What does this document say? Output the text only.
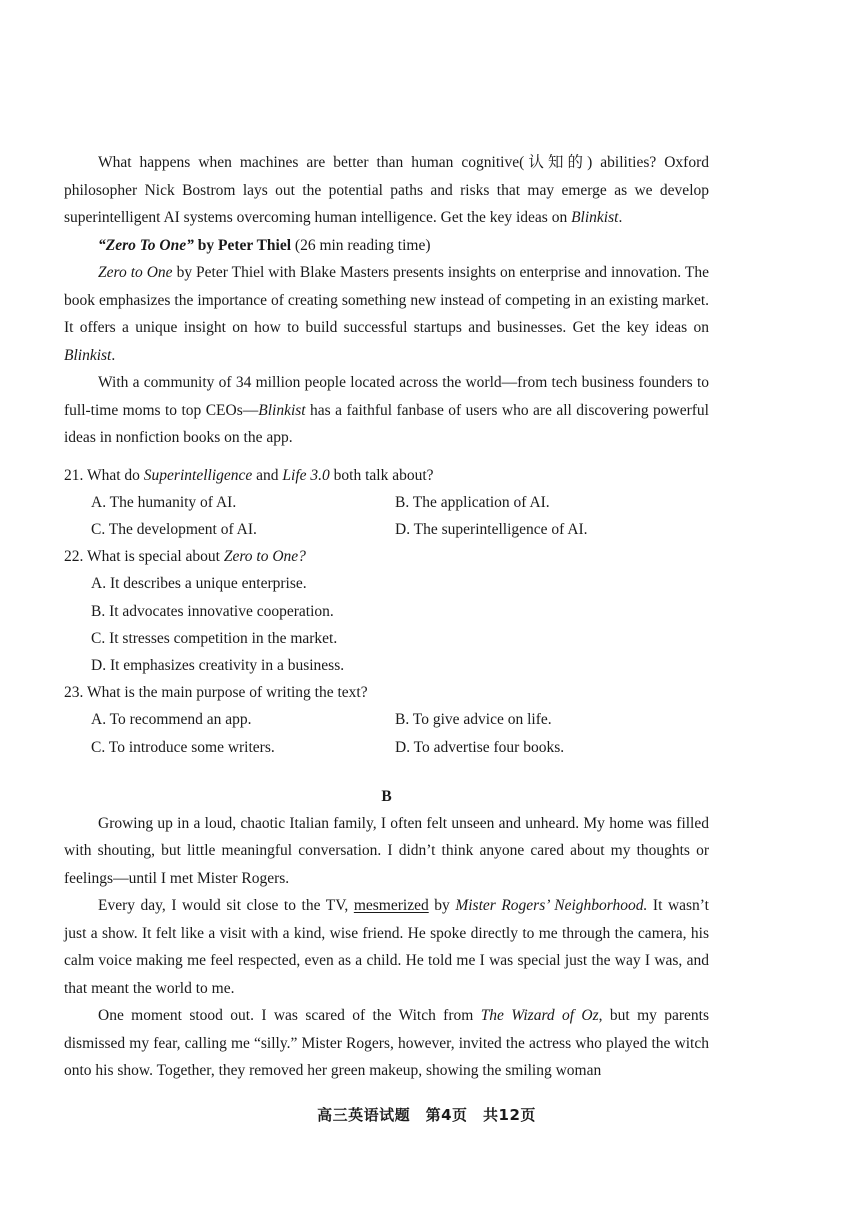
What happens when machines are better than human cognitive(认知的) abilities? Oxford philosopher Nick Bostrom lays out the potential paths and risks that may emerge as we develop superintelligent AI systems overcoming human intelligence. Get the key ideas on Blinkist.

“Zero To One” by Peter Thiel (26 min reading time)

Zero to One by Peter Thiel with Blake Masters presents insights on enterprise and innovation. The book emphasizes the importance of creating something new instead of competing in an existing market. It offers a unique insight on how to build successful startups and businesses. Get the key ideas on Blinkist.

With a community of 34 million people located across the world—from tech business founders to full-time moms to top CEOs—Blinkist has a faithful fanbase of users who are all discovering powerful ideas in nonfiction books on the app.

21. What do Superintelligence and Life 3.0 both talk about?
A. The humanity of AI.	B. The application of AI.
C. The development of AI.	D. The superintelligence of AI.
22. What is special about Zero to One?
A. It describes a unique enterprise.
B. It advocates innovative cooperation.
C. It stresses competition in the market.
D. It emphasizes creativity in a business.
23. What is the main purpose of writing the text?
A. To recommend an app.	B. To give advice on life.
C. To introduce some writers.	D. To advertise four books.
B

Growing up in a loud, chaotic Italian family, I often felt unseen and unheard. My home was filled with shouting, but little meaningful conversation. I didn’t think anyone cared about my thoughts or feelings—until I met Mister Rogers.

Every day, I would sit close to the TV, mesmerized by Mister Rogers’ Neighborhood. It wasn’t just a show. It felt like a visit with a kind, wise friend. He spoke directly to me through the camera, his calm voice making me feel respected, even as a child. He told me I was special just the way I was, and that meant the world to me.

One moment stood out. I was scared of the Witch from The Wizard of Oz, but my parents dismissed my fear, calling me “silly.” Mister Rogers, however, invited the actress who played the witch onto his show. Together, they removed her green makeup, showing the smiling woman

高三英语试题　第4页　共12页
